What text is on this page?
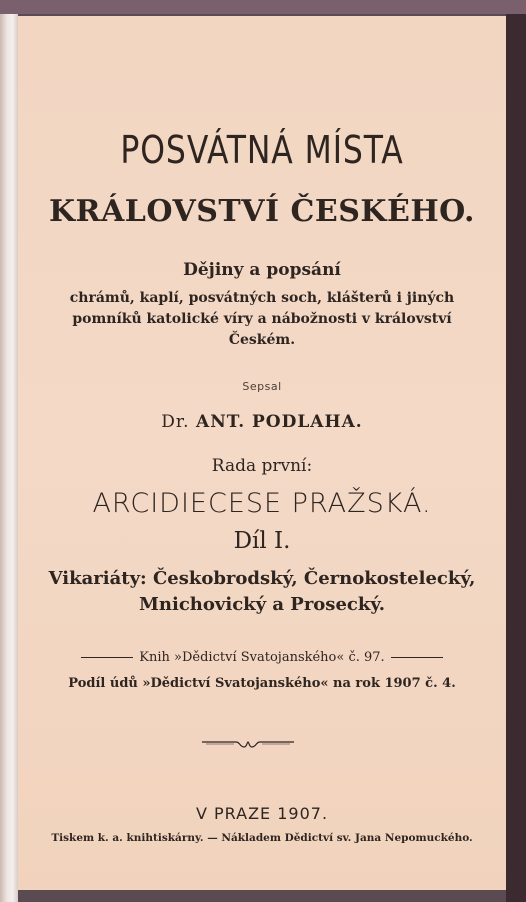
POSVÁTNÁ MÍSTA
KRÁLOVSTVÍ ČESKÉHO.
Dějiny a popsání
chrámů, kaplí, posvátných soch, klášterů i jiných
pomníků katolické víry a nábožnosti v království
Českém.
Sepsal
Dr. ANT. PODLAHA.
Rada první:
ARCIDIECESE PRAŽSKÁ.
Díl I.
Vikariáty: Českobrodský, Černokostelecký,
Mnichovický a Prosecký.
Knih »Dědictví Svatojanského« č. 97.
Podíl údů »Dědictví Svatojanského« na rok 1907 č. 4.
V PRAZE 1907.
Tiskem k. a. knihtiskárny. — Nákladem Dědictví sv. Jana Nepomuckého.
